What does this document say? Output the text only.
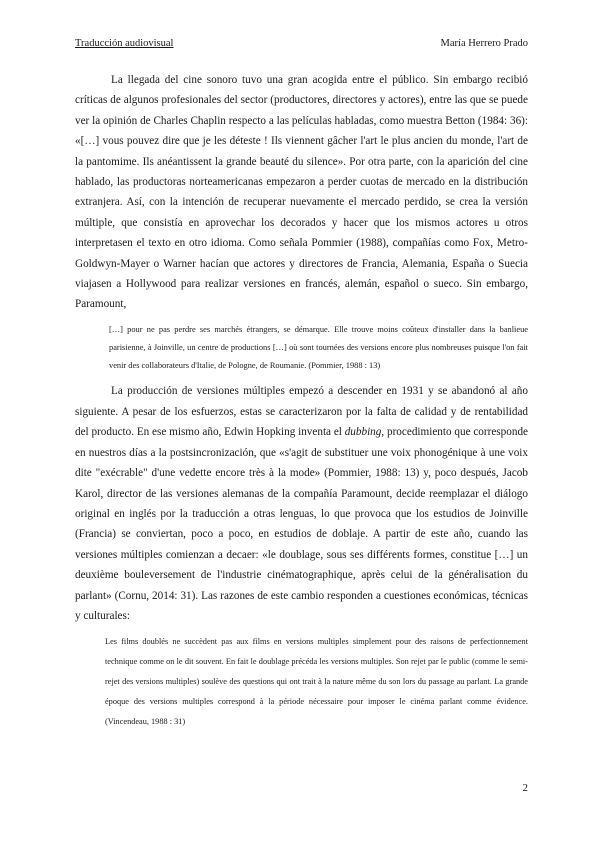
Traducción audiovisual	María Herrero Prado

La llegada del cine sonoro tuvo una gran acogida entre el público. Sin embargo recibió críticas de algunos profesionales del sector (productores, directores y actores), entre las que se puede ver la opinión de Charles Chaplin respecto a las películas habladas, como muestra Betton (1984: 36): «[…] vous pouvez dire que je les déteste ! Ils viennent gâcher l'art le plus ancien du monde, l'art de la pantomime. Ils anéantissent la grande beauté du silence». Por otra parte, con la aparición del cine hablado, las productoras norteamericanas empezaron a perder cuotas de mercado en la distribución extranjera. Así, con la intención de recuperar nuevamente el mercado perdido, se crea la versión múltiple, que consistía en aprovechar los decorados y hacer que los mismos actores u otros interpretasen el texto en otro idioma. Como señala Pommier (1988), compañías como Fox, Metro-Goldwyn-Mayer o Warner hacían que actores y directores de Francia, Alemania, España o Suecia viajasen a Hollywood para realizar versiones en francés, alemán, español o sueco. Sin embargo, Paramount,

[…] pour ne pas perdre ses marchés étrangers, se démarque. Elle trouve moins coûteux d'installer dans la banlieue parisienne, à Joinville, un centre de productions […] où sont tournées des versions encore plus nombreuses puisque l'on fait venir des collaborateurs d'Italie, de Pologne, de Roumanie. (Pommier, 1988 : 13)

La producción de versiones múltiples empezó a descender en 1931 y se abandonó al año siguiente. A pesar de los esfuerzos, estas se caracterizaron por la falta de calidad y de rentabilidad del producto. En ese mismo año, Edwin Hopking inventa el dubbing, procedimiento que corresponde en nuestros días a la postsincronización, que «s'agit de substituer une voix phonogénique à une voix dite "exécrable" d'une vedette encore très à la mode» (Pommier, 1988: 13) y, poco después, Jacob Karol, director de las versiones alemanas de la compañía Paramount, decide reemplazar el diálogo original en inglés por la traducción a otras lenguas, lo que provoca que los estudios de Joinville (Francia) se conviertan, poco a poco, en estudios de doblaje. A partir de este año, cuando las versiones múltiples comienzan a decaer: «le doublage, sous ses différents formes, constitue […] un deuxième bouleversement de l'industrie cinématographique, après celui de la généralisation du parlant» (Cornu, 2014: 31). Las razones de este cambio responden a cuestiones económicas, técnicas y culturales:

Les films doublés ne succèdent pas aux films en versions multiples simplement pour des raisons de perfectionnement technique comme on le dit souvent. En fait le doublage précéda les versions multiples. Son rejet par le public (comme le semi-rejet des versions multiples) soulève des questions qui ont trait à la nature même du son lors du passage au parlant. La grande époque des versions multiples correspond à la période nécessaire pour imposer le cinéma parlant comme évidence. (Vincendeau, 1988 : 31)
2
